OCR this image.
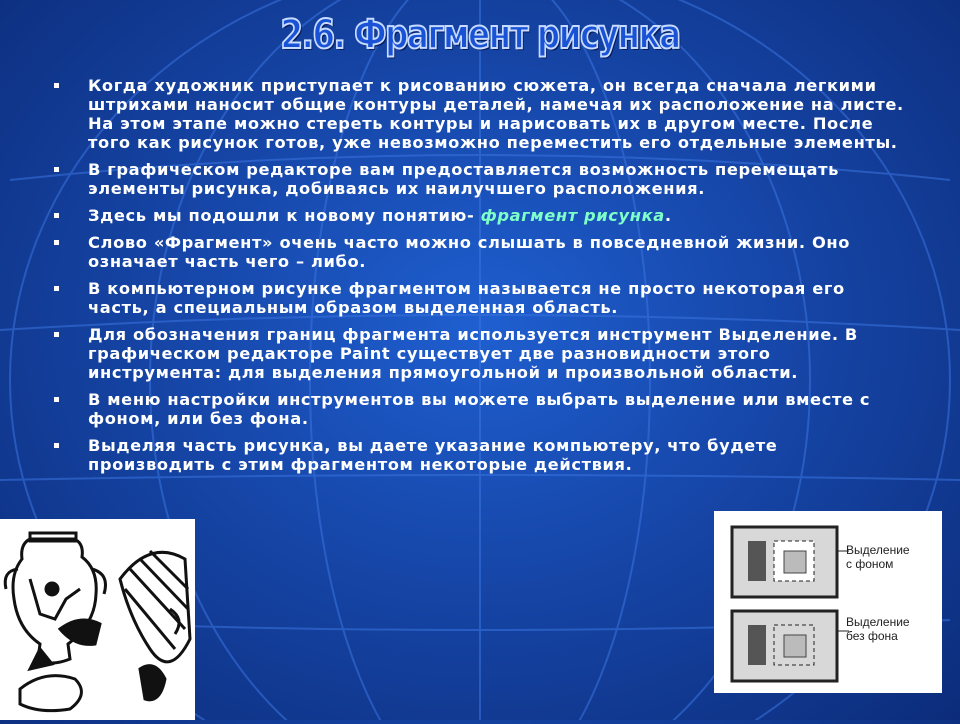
2.6. Фрагмент рисунка
Когда художник приступает к рисованию сюжета, он всегда сначала легкими штрихами наносит общие контуры деталей, намечая их расположение на листе. На этом этапе можно стереть контуры и нарисовать их в другом месте. После того как рисунок готов, уже невозможно переместить его отдельные элементы.
В графическом редакторе вам предоставляется возможность перемещать элементы рисунка, добиваясь их наилучшего расположения.
Здесь мы подошли к новому понятию- фрагмент рисунка.
Слово «Фрагмент» очень часто можно слышать в повседневной жизни. Оно означает часть чего – либо.
В компьютерном рисунке фрагментом называется не просто некоторая его часть, а специальным образом выделенная область.
Для обозначения границ фрагмента используется инструмент Выделение. В графическом редакторе Paint существует две разновидности этого инструмента: для выделения прямоугольной и произвольной области.
В меню настройки инструментов вы можете выбрать выделение или вместе с фоном, или без фона.
Выделяя часть рисунка, вы даете указание компьютеру, что будете производить с этим фрагментом некоторые действия.
Выделение
с фоном
Выделение
без фона
